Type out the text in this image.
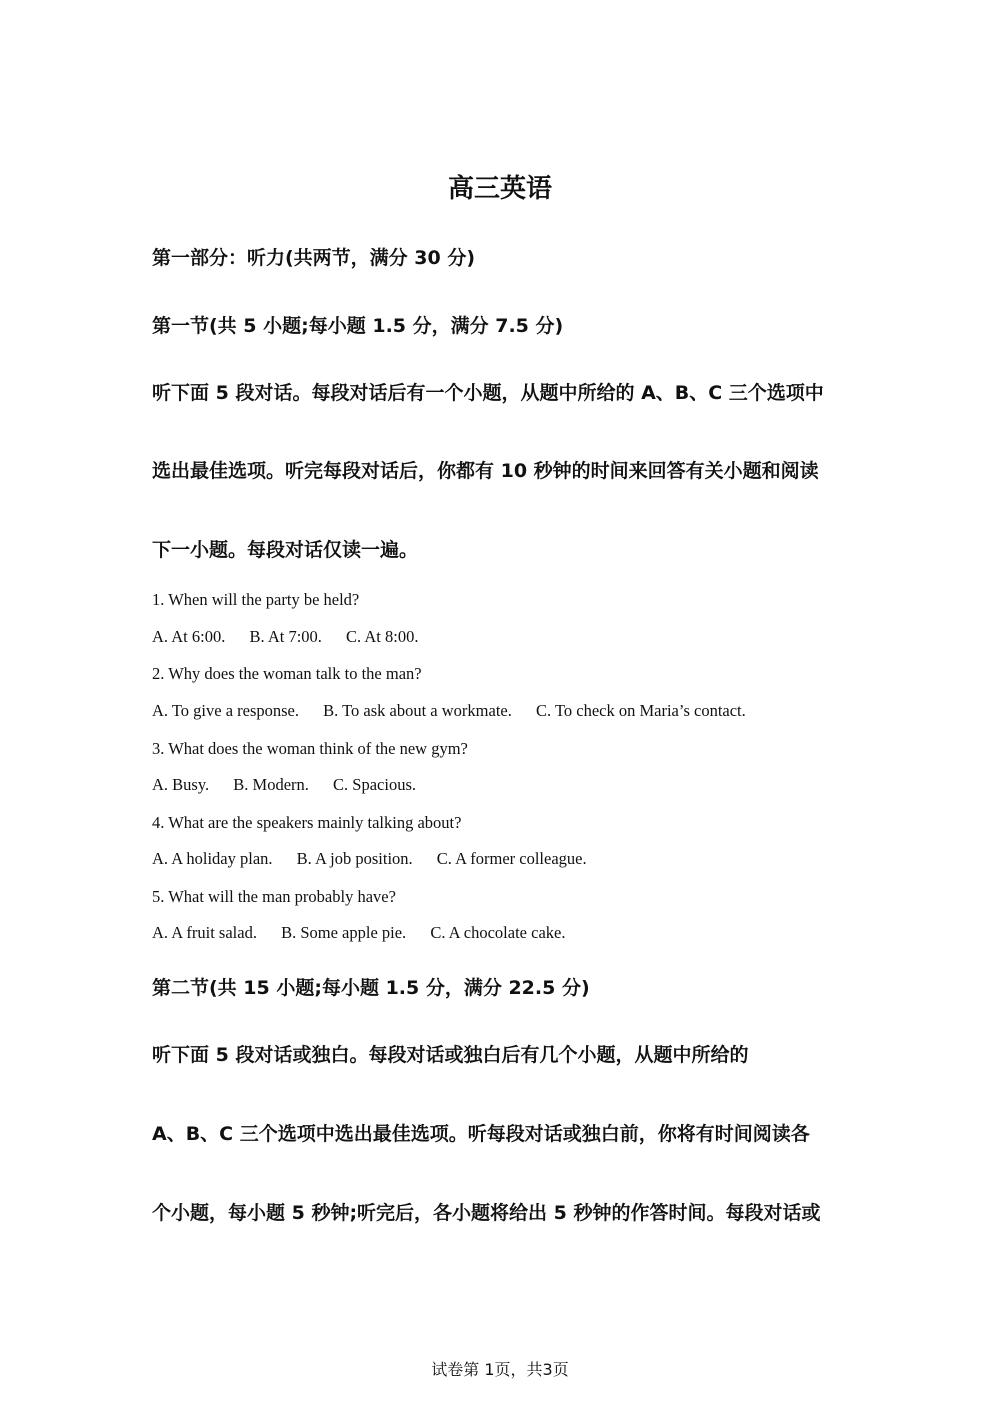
高三英语
第一部分：听力(共两节，满分 30 分)
第一节(共 5 小题;每小题 1.5 分，满分 7.5 分)
听下面 5 段对话。每段对话后有一个小题，从题中所给的 A、B、C 三个选项中
选出最佳选项。听完每段对话后，你都有 10 秒钟的时间来回答有关小题和阅读
下一小题。每段对话仅读一遍。
1. When will the party be held?
A. At 6:00. B. At 7:00. C. At 8:00.
2. Why does the woman talk to the man?
A. To give a response. B. To ask about a workmate. C. To check on Maria’s contact.
3. What does the woman think of the new gym?
A. Busy. B. Modern. C. Spacious.
4. What are the speakers mainly talking about?
A. A holiday plan. B. A job position. C. A former colleague.
5. What will the man probably have?
A. A fruit salad. B. Some apple pie. C. A chocolate cake.
第二节(共 15 小题;每小题 1.5 分，满分 22.5 分)
听下面 5 段对话或独白。每段对话或独白后有几个小题，从题中所给的
A、B、C 三个选项中选出最佳选项。听每段对话或独白前，你将有时间阅读各
个小题，每小题 5 秒钟;听完后，各小题将给出 5 秒钟的作答时间。每段对话或
试卷第 1页，共3页
